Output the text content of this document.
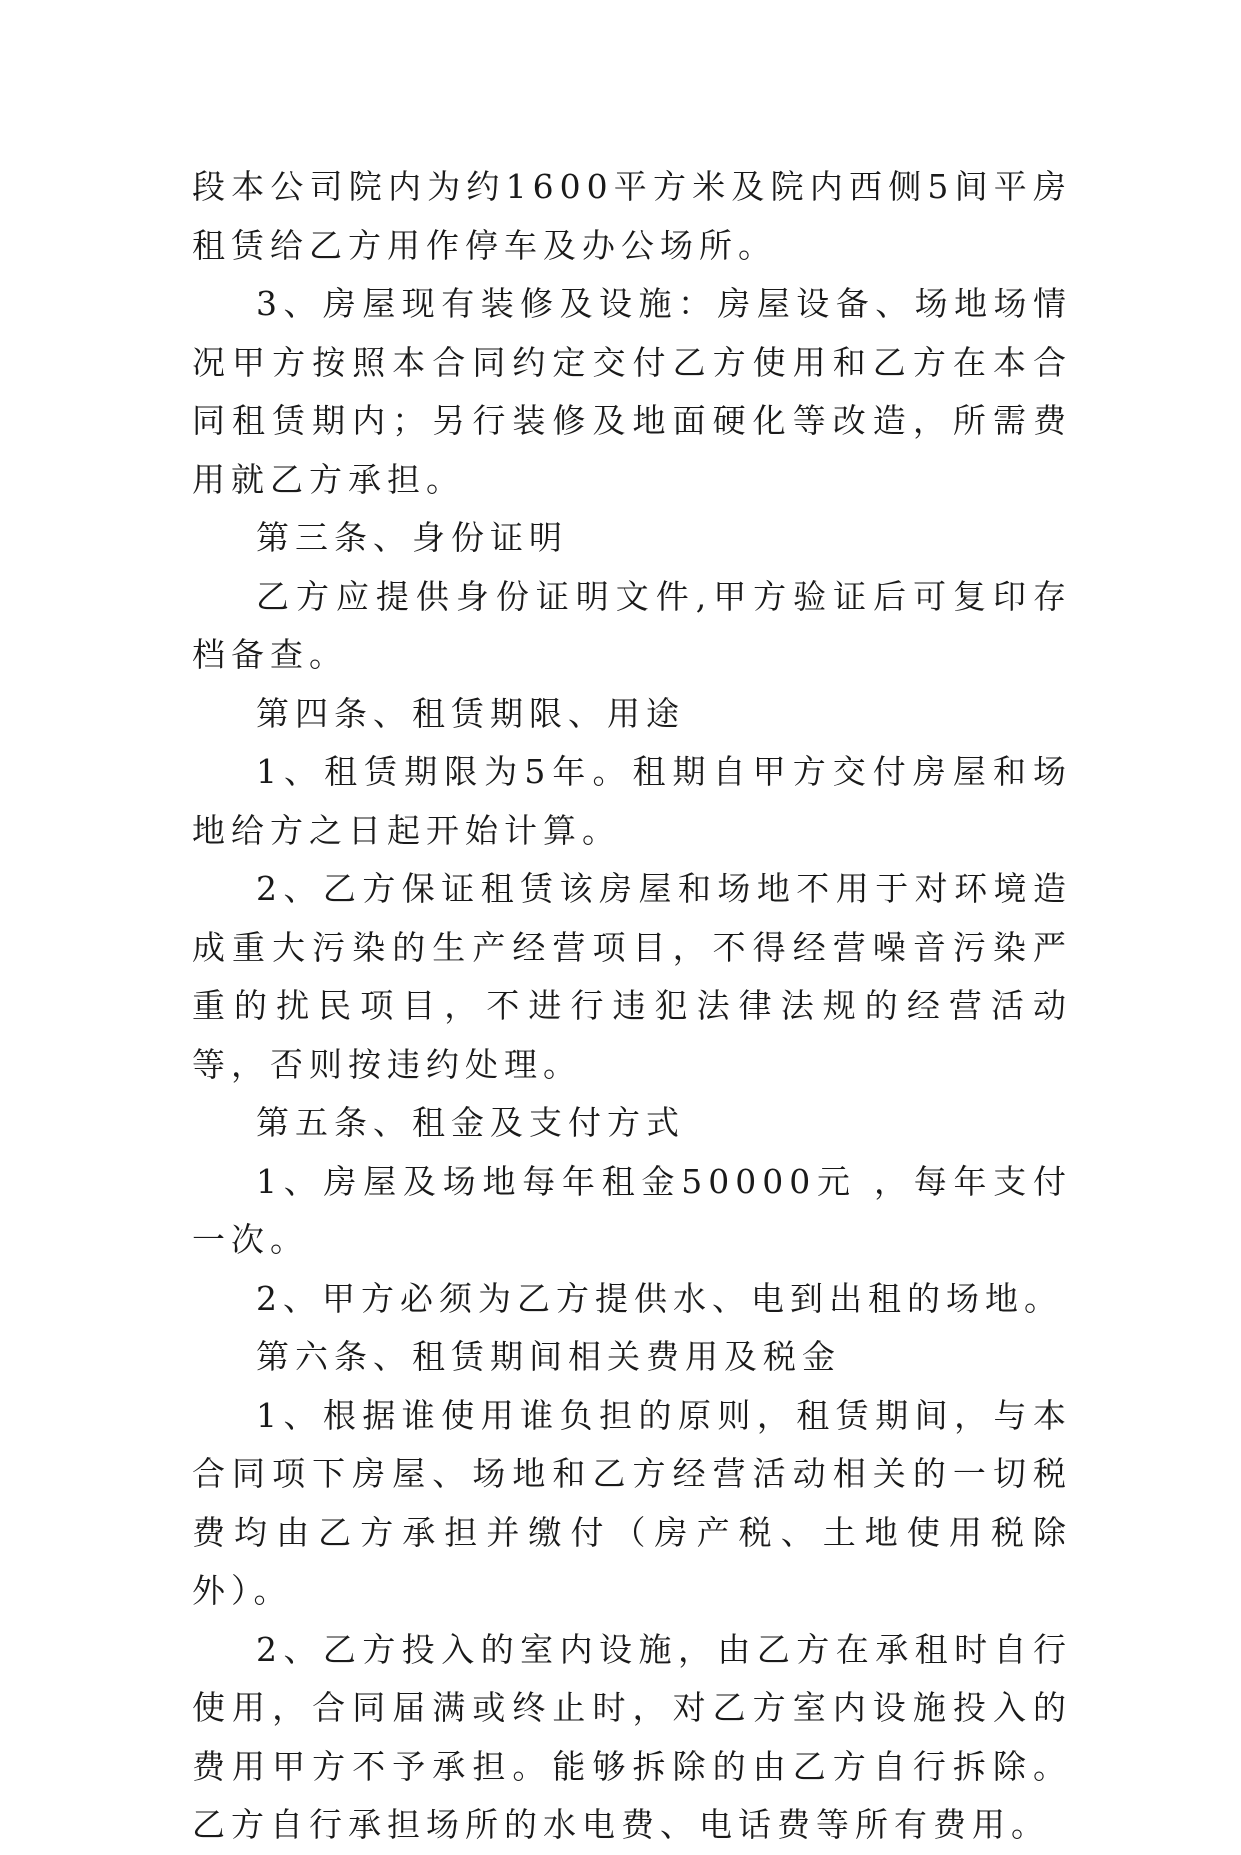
段本公司院内为约1600平方米及院内西侧5间平房租赁给乙方用作停车及办公场所。

3、房屋现有装修及设施：房屋设备、场地场情况甲方按照本合同约定交付乙方使用和乙方在本合同租赁期内；另行装修及地面硬化等改造，所需费用就乙方承担。

第三条、身份证明

乙方应提供身份证明文件,甲方验证后可复印存档备查。

第四条、租赁期限、用途

1、租赁期限为5年。租期自甲方交付房屋和场地给方之日起开始计算。

2、乙方保证租赁该房屋和场地不用于对环境造成重大污染的生产经营项目，不得经营噪音污染严重的扰民项目，不进行违犯法律法规的经营活动等，否则按违约处理。

第五条、租金及支付方式

1、房屋及场地每年租金50000元 ，每年支付一次。

2、甲方必须为乙方提供水、电到出租的场地。

第六条、租赁期间相关费用及税金

1、根据谁使用谁负担的原则，租赁期间，与本合同项下房屋、场地和乙方经营活动相关的一切税费均由乙方承担并缴付（房产税、土地使用税除外）。

2、乙方投入的室内设施，由乙方在承租时自行使用，合同届满或终止时，对乙方室内设施投入的费用甲方不予承担。能够拆除的由乙方自行拆除。乙方自行承担场所的水电费、电话费等所有费用。
